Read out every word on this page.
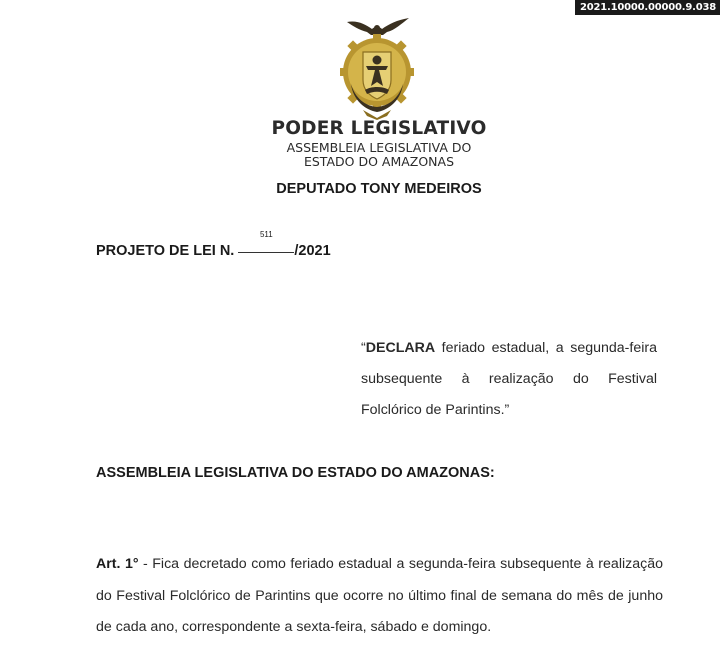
2021.10000.00000.9.038
PODER LEGISLATIVO
ASSEMBLEIA LEGISLATIVA DO
ESTADO DO AMAZONAS
DEPUTADO TONY MEDEIROS
PROJETO DE LEI N.
511
/2021
“DECLARA feriado estadual, a segunda-feira subsequente à realização do Festival Folclórico de Parintins.”
ASSEMBLEIA LEGISLATIVA DO ESTADO DO AMAZONAS:
Art. 1° - Fica decretado como feriado estadual a segunda-feira subsequente à realização do Festival Folclórico de Parintins que ocorre no último final de semana do mês de junho de cada ano, correspondente a sexta-feira, sábado e domingo.
